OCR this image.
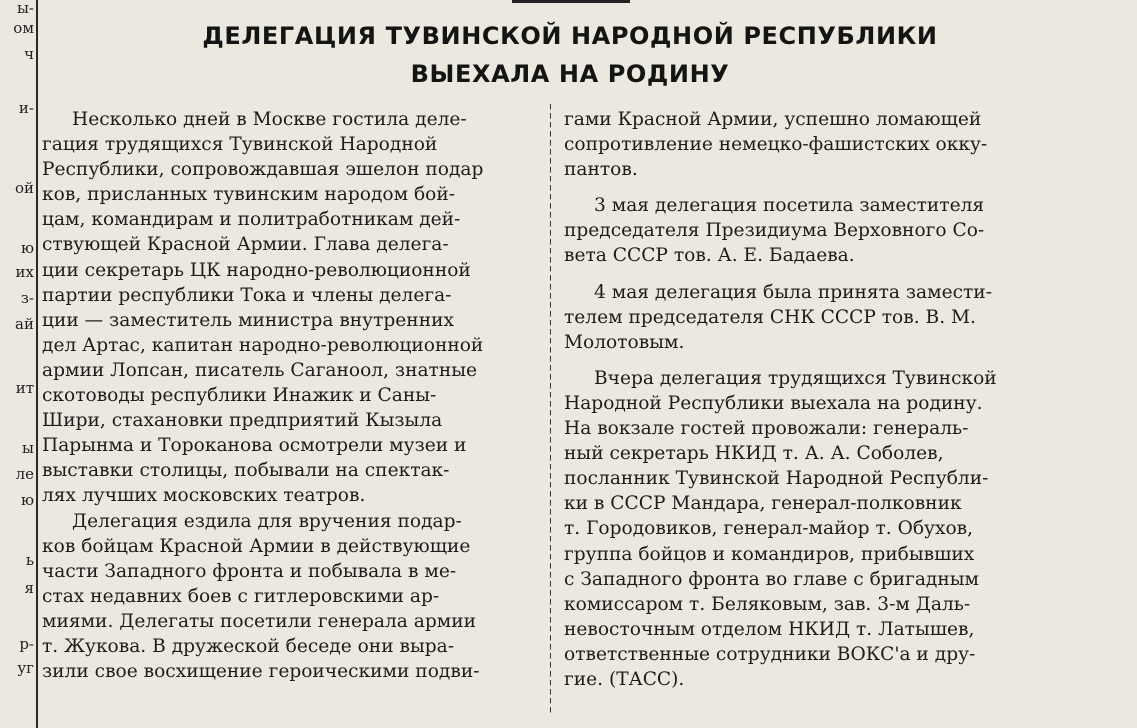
ы-
ом
ч
и-
ой
ю
их
з-
ай
ит
ы
ле
ю
ь
я
р-
уг
ДЕЛЕГАЦИЯ ТУВИНСКОЙ НАРОДНОЙ РЕСПУБЛИКИ
ВЫЕХАЛА НА РОДИНУ

Несколько дней в Москве гостила деле-

гация трудящихся Тувинской Народной

Республики, сопровождавшая эшелон подар

ков, присланных тувинским народом бой-

цам, командирам и политработникам дей-

ствующей Красной Армии. Глава делега-

ции секретарь ЦК народно-революционной

партии республики Тока и члены делега-

ции — заместитель министра внутренних

дел Артас, капитан народно-революционной

армии Лопсан, писатель Саганоол, знатные

скотоводы республики Инажик и Саны-

Шири, стахановки предприятий Кызыла

Парынма и Тороканова осмотрели музеи и

выставки столицы, побывали на спектак-

лях лучших московских театров.

Делегация ездила для вручения подар-

ков бойцам Красной Армии в действующие

части Западного фронта и побывала в ме-

стах недавних боев с гитлеровскими ар-

миями. Делегаты посетили генерала армии

т. Жукова. В дружеской беседе они выра-

зили свое восхищение героическими подви-

гами Красной Армии, успешно ломающей

сопротивление немецко-фашистских окку-

пантов.

3 мая делегация посетила заместителя

председателя Президиума Верховного Со-

вета СССР тов. А. Е. Бадаева.

4 мая делегация была принята замести-

телем председателя СНК СССР тов. В. М.

Молотовым.

Вчера делегация трудящихся Тувинской

Народной Республики выехала на родину.

На вокзале гостей провожали: генераль-

ный секретарь НКИД т. А. А. Соболев,

посланник Тувинской Народной Республи-

ки в СССР Мандара, генерал-полковник

т. Городовиков, генерал-майор т. Обухов,

группа бойцов и командиров, прибывших

с Западного фронта во главе с бригадным

комиссаром т. Беляковым, зав. 3-м Даль-

невосточным отделом НКИД т. Латышев,

ответственные сотрудники ВОКС'а и дру-

гие. (ТАСС).
